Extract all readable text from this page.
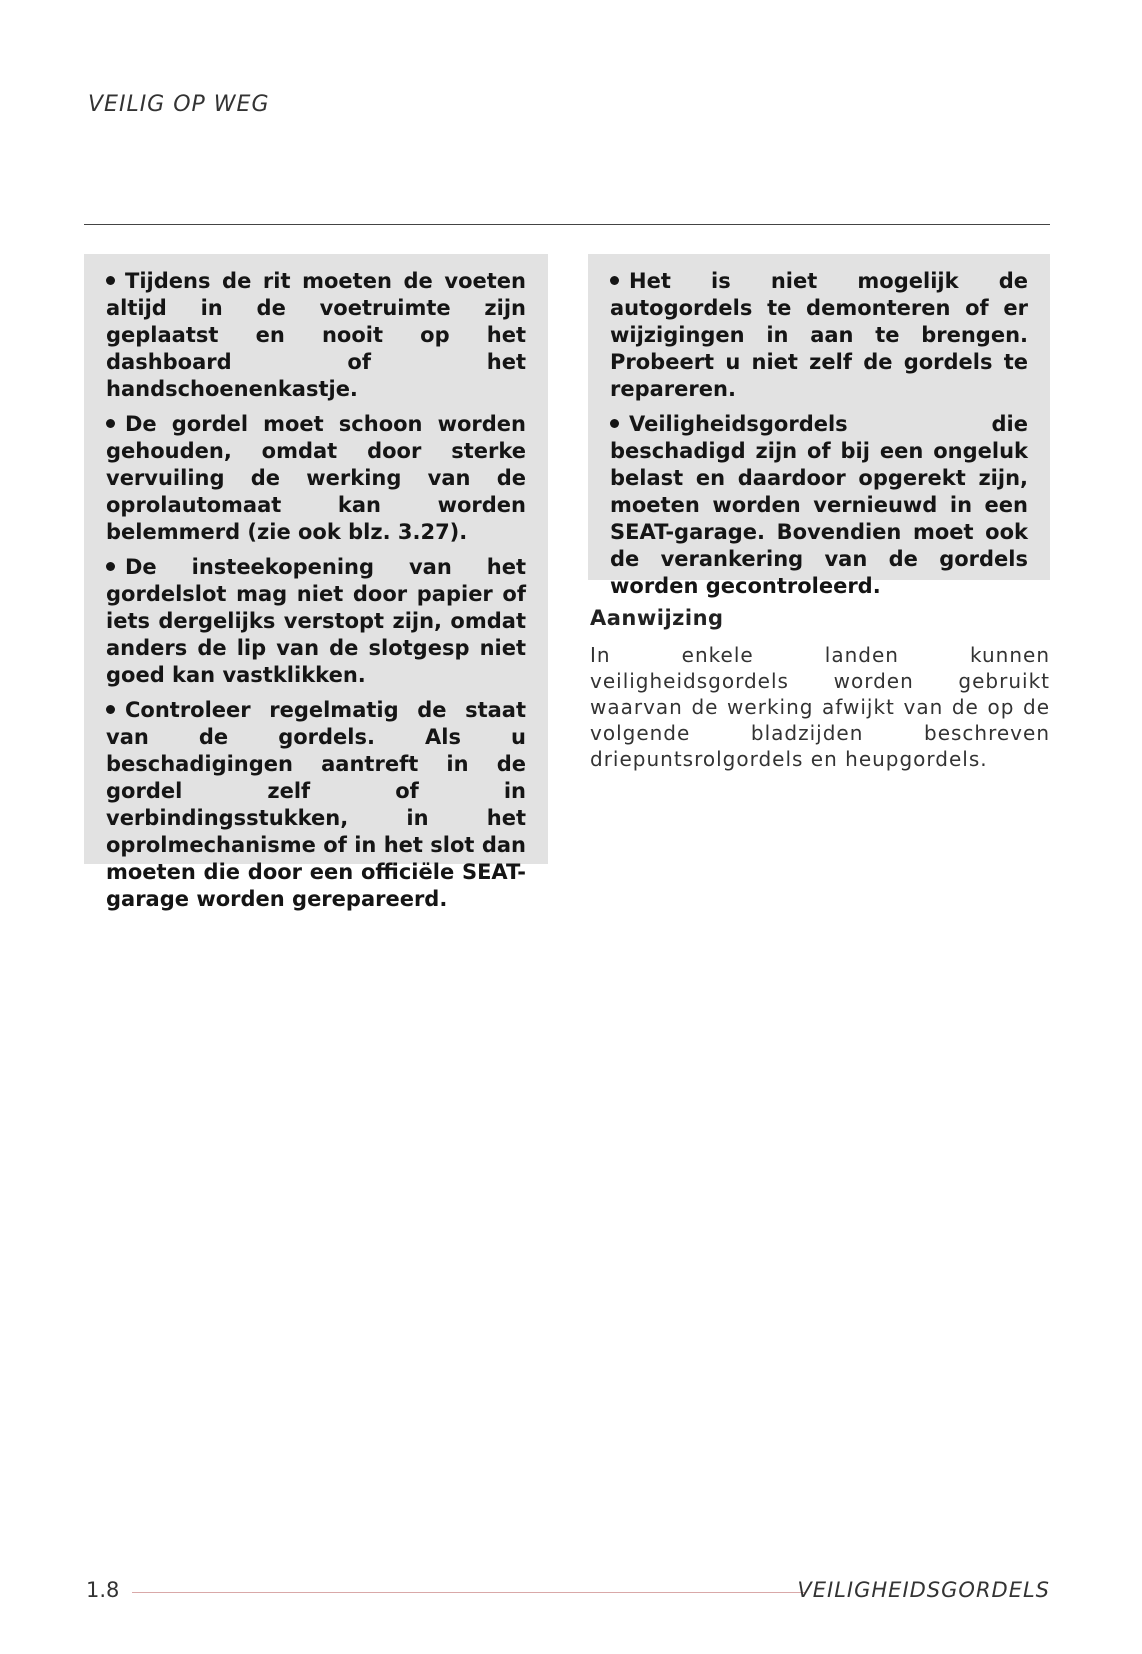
VEILIG OP WEG

Tijdens de rit moeten de voeten altijd in de voetruimte zijn geplaatst en nooit op het dashboard of het handschoenenkastje.

De gordel moet schoon worden gehouden, omdat door sterke vervuiling de werking van de oprolautomaat kan worden belemmerd (zie ook blz. 3.27).

De insteekopening van het gordelslot mag niet door papier of iets dergelijks verstopt zijn, omdat anders de lip van de slotgesp niet goed kan vastklikken.

Controleer regelmatig de staat van de gordels. Als u beschadigingen aantreft in de gordel zelf of in verbindingsstukken, in het oprolmechanisme of in het slot dan moeten die door een officiële SEAT-garage worden gerepareerd.

Het is niet mogelijk de autogordels te demonteren of er wijzigingen in aan te brengen. Probeert u niet zelf de gordels te repareren.

Veiligheidsgordels die beschadigd zijn of bij een ongeluk belast en daardoor opgerekt zijn, moeten worden vernieuwd in een SEAT-garage. Bovendien moet ook de verankering van de gordels worden gecontroleerd.

Aanwijzing

In enkele landen kunnen veiligheidsgordels worden gebruikt waarvan de werking afwijkt van de op de volgende bladzijden beschreven driepuntsrolgordels en heupgordels.

1.8	VEILIGHEIDSGORDELS
